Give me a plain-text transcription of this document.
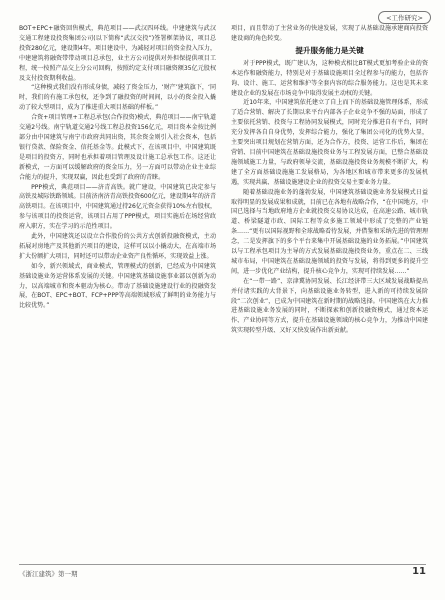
<工作研究>

BOT+EPC+融资回售模式，典范项目——武汉四环线。中建建筑与武汉交通工程建设投资集团公司(以下简称“武汉交投”)签署框架协议，项目总投资280亿元，建设期4年。项目建设中，为减轻对项目的资金投入压力，中建建筑将融资带带动项目总承包，业主方公司提供对外担保提供项目工程，统一按照产品交上分公司回购，按照约定支付项目融资额35亿元股权及支付投资期利收益。

“这种模式我们没有形成身债，减轻了资金压力，‘财产’建筑旗下，‘同时，我们的有施工承包权，还争到了融投资的时间间，以小的资金投入撬动了较大型项目，成为了推进重大项目基础的样板。”

合资+项目管理+工程总承包(合作投资)模式，典范项目——南宁轨道交通2号线。南宁轨道交通2号线工程总投资156亿元，项目资本金按比例部分由中国建筑与南宁市政府共同出资，其余资金则引入社会资本，包括银行贷款、保险资金、信托基金等。此模式下，在该项目中，中国建筑既是项目的投资方，同时也承担着项目管理及设计施工总承包工作。这还让新模式，一方面可以缓解政府的资金压力，另一方面可以带动企业主业综合能力的提升，实现双赢，因此也受到了政府的青睐。

PPP模式，典范项目——济青高铁。就广建设，中国建筑已决定参与高铁及城际铁路领域。目前济南济青高铁投资600亿元，建设期4年的济青高铁项目。在该项目中，中国建筑通过持26亿元资金获得10%左右股权，参与该项目的投资运营，该项目占用了PPP模式，项目实施后在场经营政府入职方，实在学习的示范性项目。

此外，中国建筑还以设立合作股份的公共方式创新投融资模式，主动拓展对房地产及其他新兴项目的建设，这样可以以小撬动大，在高端市场扩大份额扩大项目，同时还可以带动企业资产良性循环，实现效益上涨。

如今，新兴领域式，商业模式，管理模式的创新，已经成为中国建筑基础设施业务运营体系发展的关键。中国建筑基础设施事业部以创新为动力，以高端城市和资本驱动为核心。带动了基础设施建设行业的投融资发展，在BOT、EPC+BOT、FCP+PPP等高端领域形成了鲜明的业务能力与比较优势。”

项目，而且带动了主营业务的快速发展，实现了从基础设施承建商向投资建设商的角色转变。

提升服务能力是关键

对于PPP模式，既广建认为，这种模式相比BT模式更加考验企业的资本运作和融资能力，特别是对于基础设施项目全过程参与的能力，包括咨询、设计、施工、运营和维护等全套内容的综合服务能力。这也是其未来建设企业的发展在市场竞争中取得发展主动权的关键。

近10年来，中国建筑依托建立了自上而下的基础设施管理体系，形成了适合营销、解决了长期以来平台内部各子企业竞争不强的局面，形成了主要依托营销、投资与工程协同发展模式，同时充分推进自有平台，同时充分发挥各自自身优势，发挥综合能力，强化了集团公司化的优势大显，主要突出项目规划在营销方面，还为合作方，投资、运营工作后，集团在营销、目前中国建筑在基础设施投资业务与工程发展方面，已整合基础设施领域施工力量，与政府领导交流，基础设施投资业务规模不断扩大，构建了全方面基础设施施工发展格局，为各地区和城市带来更多的发展机遇，实现共赢、基础设施建设企业的投资交易主要业务力量。

随着基础设施业务的蓬勃发展，中国建筑基础设施业务发展模式日益取得明显的发展成果和成就，目前已在各地有战略合作，“在中国地方，中国已选择与当地政府地方企业就投资交易协议达成，在高速公路、城市轨道、桥梁隧道市政、国际工程等众多施工领域中形成了完整的产业链条……“更有以国际视野和全球战略看待发展，并借鉴和采纳先进的管理理念，二是发挥旗下的多个平台来集中开展基础设施的业务拓展。”中国建筑以与工程承包项目为主导的方式发展基础设施投资业务，重点在二、三线城市布局，中国建筑在基础设施领域的投资与发展，将得到更多的提升空间，进一步优化产业结构，提升核心竞争力，实现可持续发展……”

在“一带一路”、京津冀协同发展、长江经济带三大区域发展战略提出并付诸实践的大背景下，向基础设施业务转型，进入新的可持续发展阶段“二次创业”，已成为中国建筑在新时期的战略选择。中国建筑在大力推进基础设施业务发展的同时，不断探索和创新投融资模式，通过资本运作、产业协同等方式，提升在基础设施领域的核心竞争力，为推动中国建筑实现转型升级、又好又快发展作出新贡献。

《浙江建筑》第一期	11
